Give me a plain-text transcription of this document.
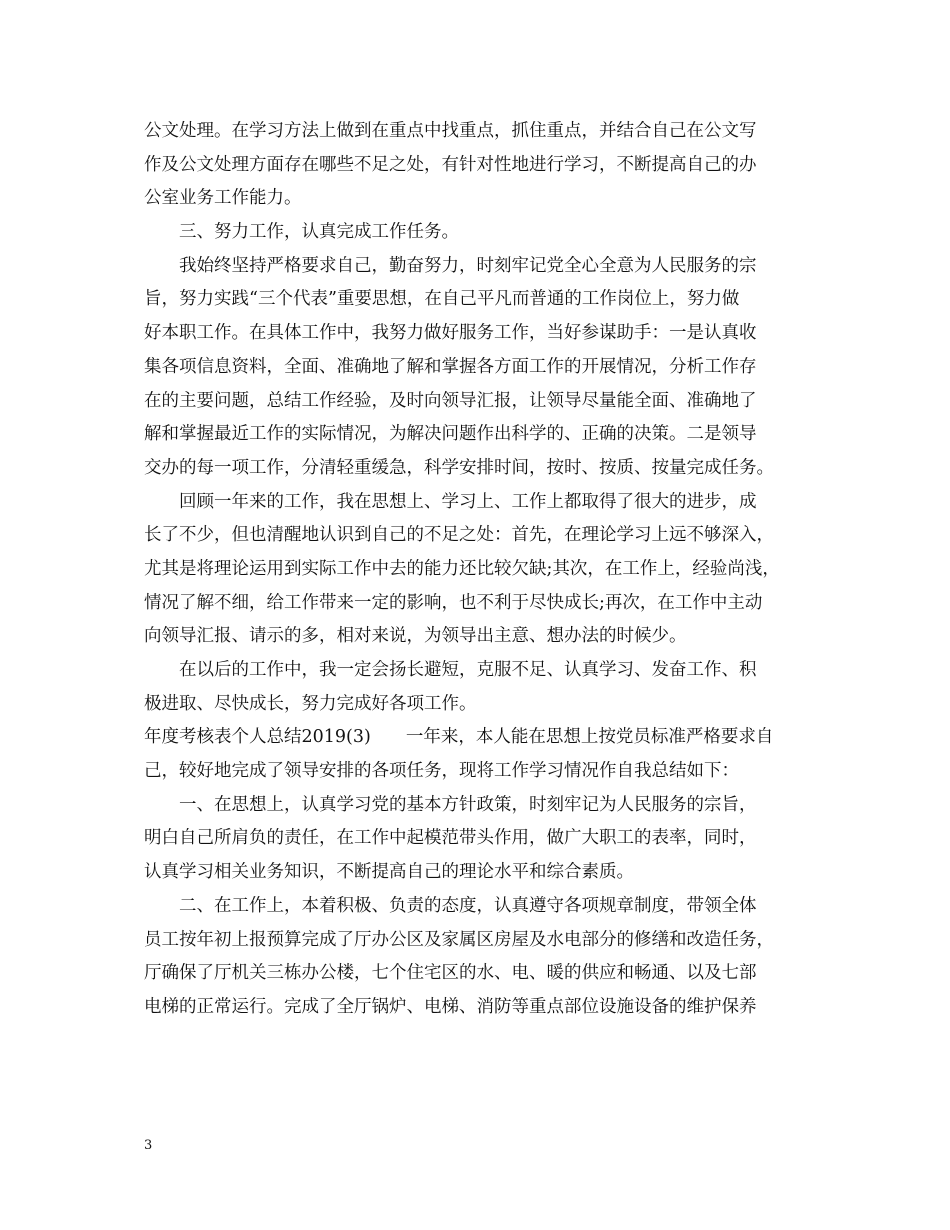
公文处理。在学习方法上做到在重点中找重点，抓住重点，并结合自己在公文写
作及公文处理方面存在哪些不足之处，有针对性地进行学习，不断提高自己的办
公室业务工作能力。
三、努力工作，认真完成工作任务。
我始终坚持严格要求自己，勤奋努力，时刻牢记党全心全意为人民服务的宗
旨，努力实践“三个代表”重要思想，在自己平凡而普通的工作岗位上，努力做
好本职工作。在具体工作中，我努力做好服务工作，当好参谋助手：一是认真收
集各项信息资料，全面、准确地了解和掌握各方面工作的开展情况，分析工作存
在的主要问题，总结工作经验，及时向领导汇报，让领导尽量能全面、准确地了
解和掌握最近工作的实际情况，为解决问题作出科学的、正确的决策。二是领导
交办的每一项工作，分清轻重缓急，科学安排时间，按时、按质、按量完成任务。
回顾一年来的工作，我在思想上、学习上、工作上都取得了很大的进步，成
长了不少，但也清醒地认识到自己的不足之处：首先，在理论学习上远不够深入，
尤其是将理论运用到实际工作中去的能力还比较欠缺;其次，在工作上，经验尚浅，
情况了解不细，给工作带来一定的影响，也不利于尽快成长;再次，在工作中主动
向领导汇报、请示的多，相对来说，为领导出主意、想办法的时候少。
在以后的工作中，我一定会扬长避短，克服不足、认真学习、发奋工作、积
极进取、尽快成长，努力完成好各项工作。
年度考核表个人总结2019(3)　　一年来，本人能在思想上按党员标准严格要求自
己，较好地完成了领导安排的各项任务，现将工作学习情况作自我总结如下：
一、在思想上，认真学习党的基本方针政策，时刻牢记为人民服务的宗旨，
明白自己所肩负的责任，在工作中起模范带头作用，做广大职工的表率，同时，
认真学习相关业务知识，不断提高自己的理论水平和综合素质。
二、在工作上，本着积极、负责的态度，认真遵守各项规章制度，带领全体
员工按年初上报预算完成了厅办公区及家属区房屋及水电部分的修缮和改造任务，
厅确保了厅机关三栋办公楼，七个住宅区的水、电、暖的供应和畅通、以及七部
电梯的正常运行。完成了全厅锅炉、电梯、消防等重点部位设施设备的维护保养
3
